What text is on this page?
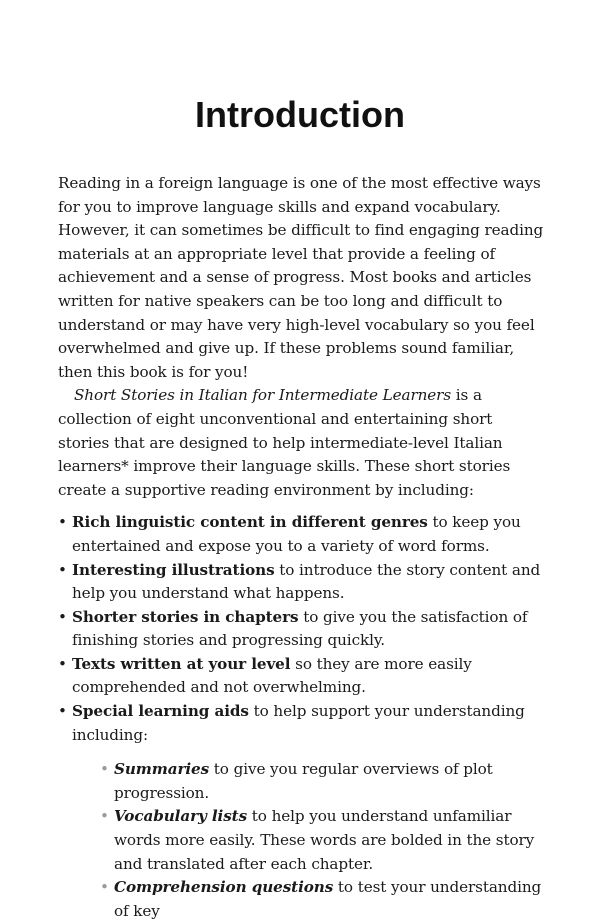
Introduction

Reading in a foreign language is one of the most effective ways for you to improve language skills and expand vocabulary. However, it can sometimes be difficult to find engaging reading materials at an appropriate level that provide a feeling of achievement and a sense of progress. Most books and articles written for native speakers can be too long and difficult to understand or may have very high-level vocabulary so you feel overwhelmed and give up. If these problems sound familiar, then this book is for you!

Short Stories in Italian for Intermediate Learners is a collection of eight unconventional and entertaining short stories that are designed to help intermediate-level Italian learners* improve their language skills. These short stories create a supportive reading environment by including:

• Rich linguistic content in different genres to keep you entertained and expose you to a variety of word forms.
• Interesting illustrations to introduce the story content and help you understand what happens.
• Shorter stories in chapters to give you the satisfaction of finishing stories and progressing quickly.
• Texts written at your level so they are more easily comprehended and not overwhelming.
• Special learning aids to help support your understanding including:
• Summaries to give you regular overviews of plot progression.
• Vocabulary lists to help you understand unfamiliar words more easily. These words are bolded in the story and translated after each chapter.
• Comprehension questions to test your understanding of key
